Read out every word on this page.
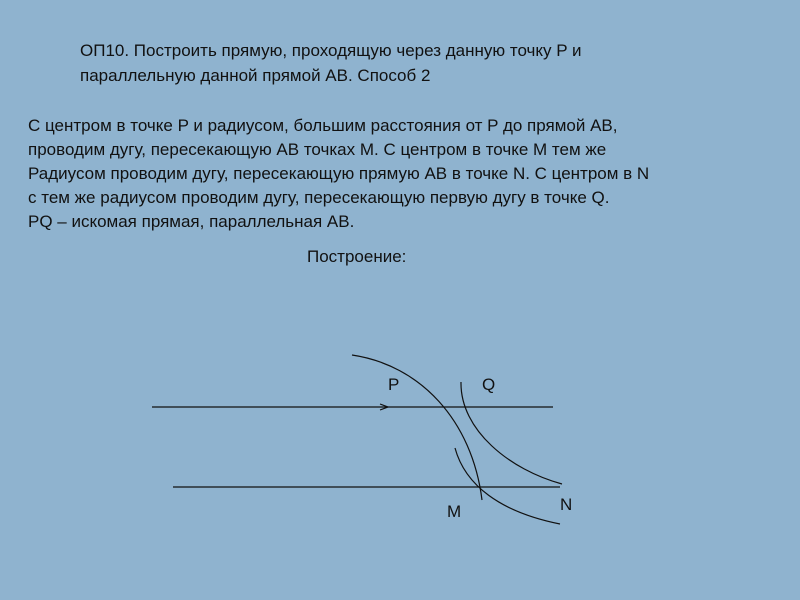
ОП10. Построить прямую, проходящую через данную точку P и
параллельную данной прямой AB. Способ 2
С центром в точке P и радиусом, большим расстояния от P до прямой AB,
проводим дугу, пересекающую AB точках M. С центром в точке M тем же
Радиусом проводим дугу, пересекающую прямую AB в точке N. С центром в N
с тем же радиусом проводим дугу, пересекающую первую дугу в точке Q.
PQ – искомая прямая, параллельная AB.
Построение:
P	Q
M	N
